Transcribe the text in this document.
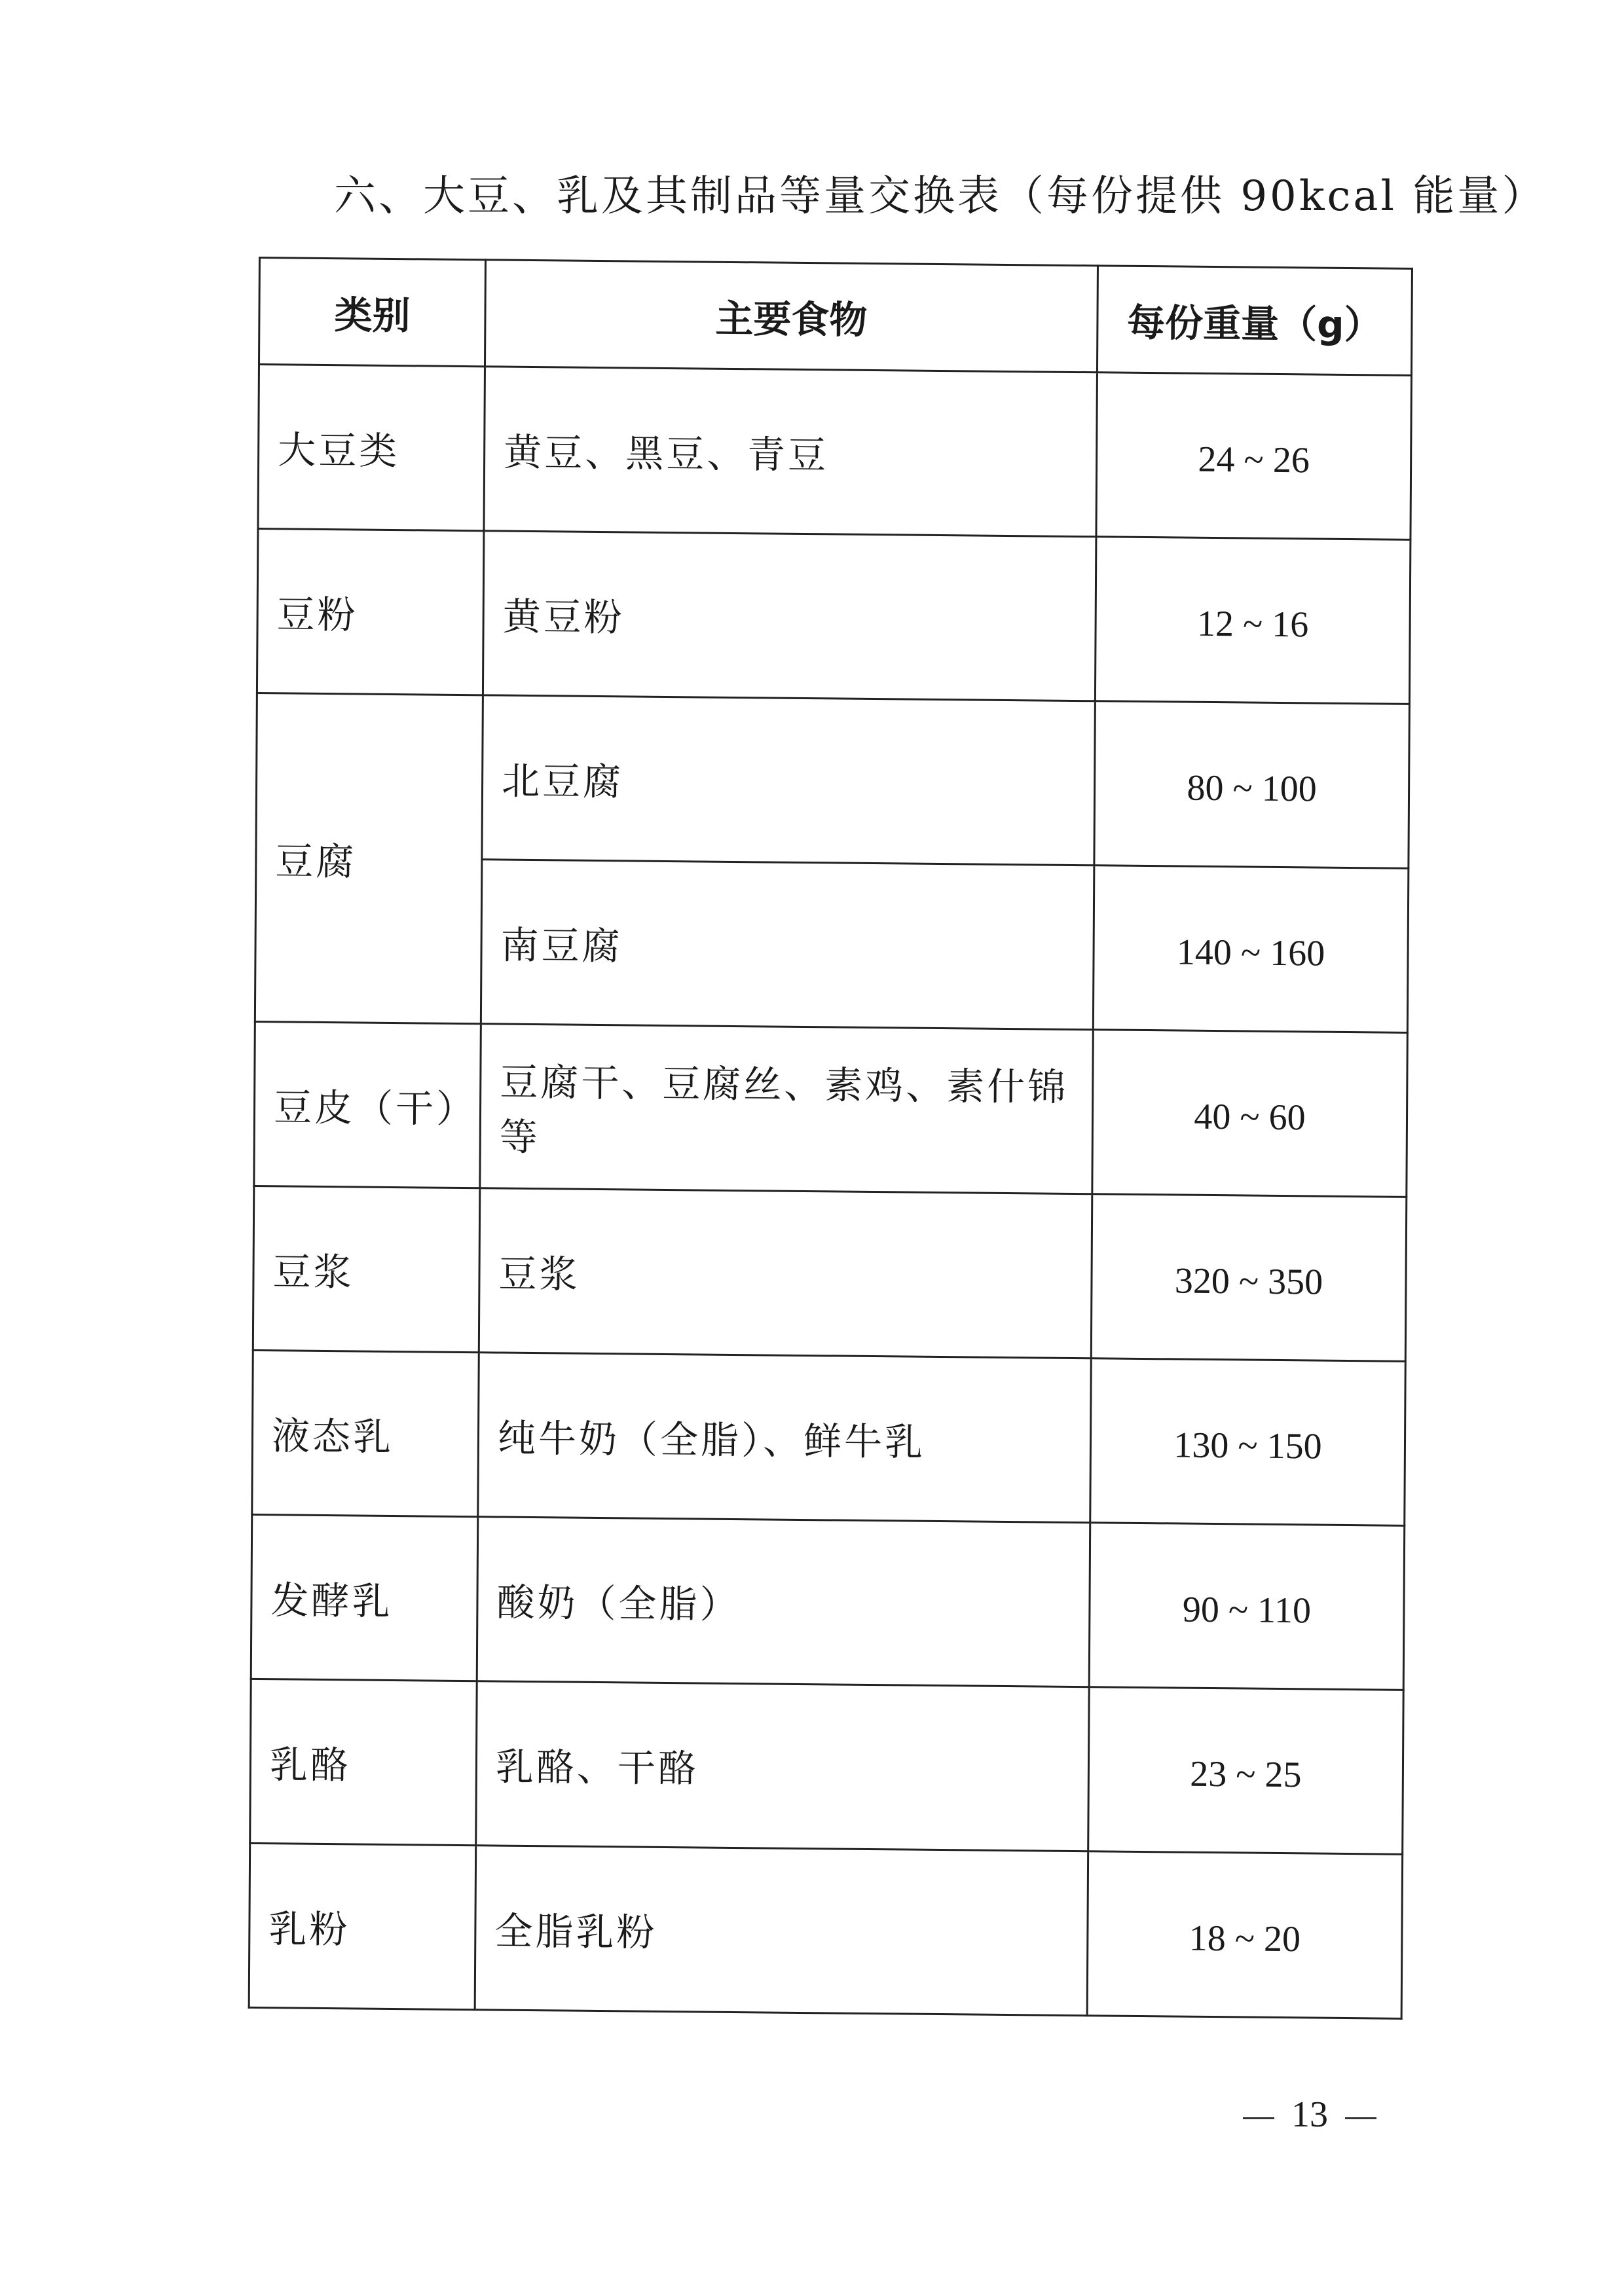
六、大豆、乳及其制品等量交换表（每份提供 90kcal 能量）
类别	主要食物	每份重量（g）
大豆类	黄豆、黑豆、青豆	24 ~ 26
豆粉	黄豆粉	12 ~ 16
豆腐	北豆腐	80 ~ 100
	南豆腐	140 ~ 160
豆皮（干）	豆腐干、豆腐丝、素鸡、素什锦等	40 ~ 60
豆浆	豆浆	320 ~ 350
液态乳	纯牛奶（全脂）、鲜牛乳	130 ~ 150
发酵乳	酸奶（全脂）	90 ~ 110
乳酪	乳酪、干酪	23 ~ 25
乳粉	全脂乳粉	18 ~ 20
13
